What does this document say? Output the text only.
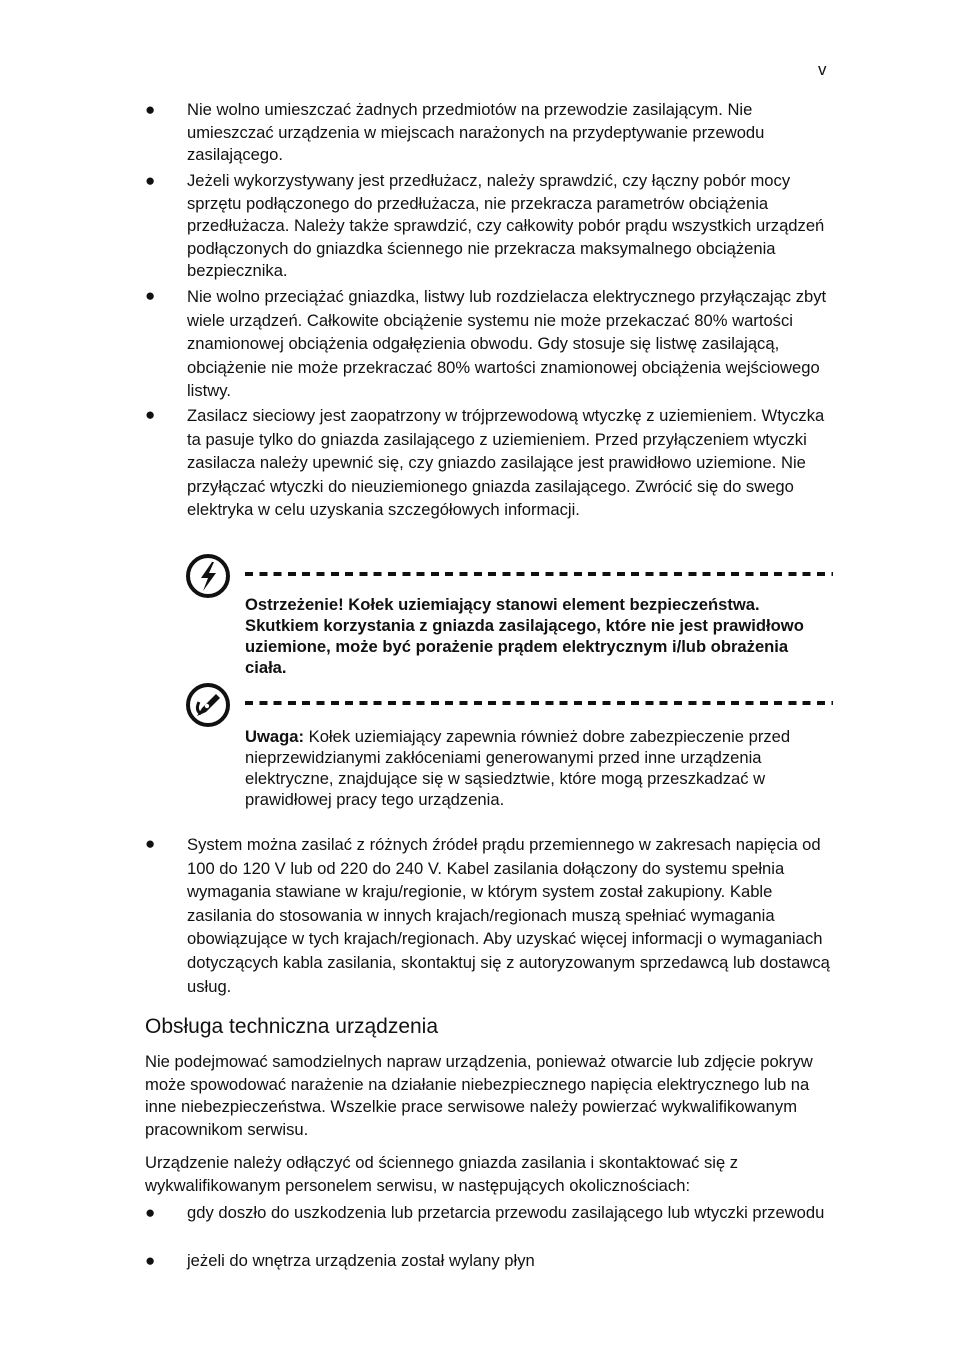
v
● Nie wolno umieszczać żadnych przedmiotów na przewodzie zasilającym. Nie umieszczać urządzenia w miejscach narażonych na przydeptywanie przewodu zasilającego.
● Jeżeli wykorzystywany jest przedłużacz, należy sprawdzić, czy łączny pobór mocy sprzętu podłączonego do przedłużacza, nie przekracza parametrów obciążenia przedłużacza. Należy także sprawdzić, czy całkowity pobór prądu wszystkich urządzeń podłączonych do gniazdka ściennego nie przekracza maksymalnego obciążenia bezpiecznika.
● Nie wolno przeciążać gniazdka, listwy lub rozdzielacza elektrycznego przyłączając zbyt wiele urządzeń. Całkowite obciążenie systemu nie może przekaczać 80% wartości znamionowej obciążenia odgałęzienia obwodu. Gdy stosuje się listwę zasilającą, obciążenie nie może przekraczać 80% wartości znamionowej obciążenia wejściowego listwy.
● Zasilacz sieciowy jest zaopatrzony w trójprzewodową wtyczkę z uziemieniem. Wtyczka ta pasuje tylko do gniazda zasilającego z uziemieniem. Przed przyłączeniem wtyczki zasilacza należy upewnić się, czy gniazdo zasilające jest prawidłowo uziemione. Nie przyłączać wtyczki do nieuziemionego gniazda zasilającego. Zwrócić się do swego elektryka w celu uzyskania szczegółowych informacji.
Ostrzeżenie! Kołek uziemiający stanowi element bezpieczeństwa. Skutkiem korzystania z gniazda zasilającego, które nie jest prawidłowo uziemione, może być porażenie prądem elektrycznym i/lub obrażenia ciała.
Uwaga: Kołek uziemiający zapewnia również dobre zabezpieczenie przed nieprzewidzianymi zakłóceniami generowanymi przed inne urządzenia elektryczne, znajdujące się w sąsiedztwie, które mogą przeszkadzać w prawidłowej pracy tego urządzenia.
● System można zasilać z różnych źródeł prądu przemiennego w zakresach napięcia od 100 do 120 V lub od 220 do 240 V. Kabel zasilania dołączony do systemu spełnia wymagania stawiane w kraju/regionie, w którym system został zakupiony. Kable zasilania do stosowania w innych krajach/regionach muszą spełniać wymagania obowiązujące w tych krajach/regionach. Aby uzyskać więcej informacji o wymaganiach dotyczących kabla zasilania, skontaktuj się z autoryzowanym sprzedawcą lub dostawcą usług.
Obsługa techniczna urządzenia

Nie podejmować samodzielnych napraw urządzenia, ponieważ otwarcie lub zdjęcie pokryw może spowodować narażenie na działanie niebezpiecznego napięcia elektrycznego lub na inne niebezpieczeństwa. Wszelkie prace serwisowe należy powierzać wykwalifikowanym pracownikom serwisu.

Urządzenie należy odłączyć od ściennego gniazda zasilania i skontaktować się z wykwalifikowanym personelem serwisu, w następujących okolicznościach:

● gdy doszło do uszkodzenia lub przetarcia przewodu zasilającego lub wtyczki przewodu
● jeżeli do wnętrza urządzenia został wylany płyn
